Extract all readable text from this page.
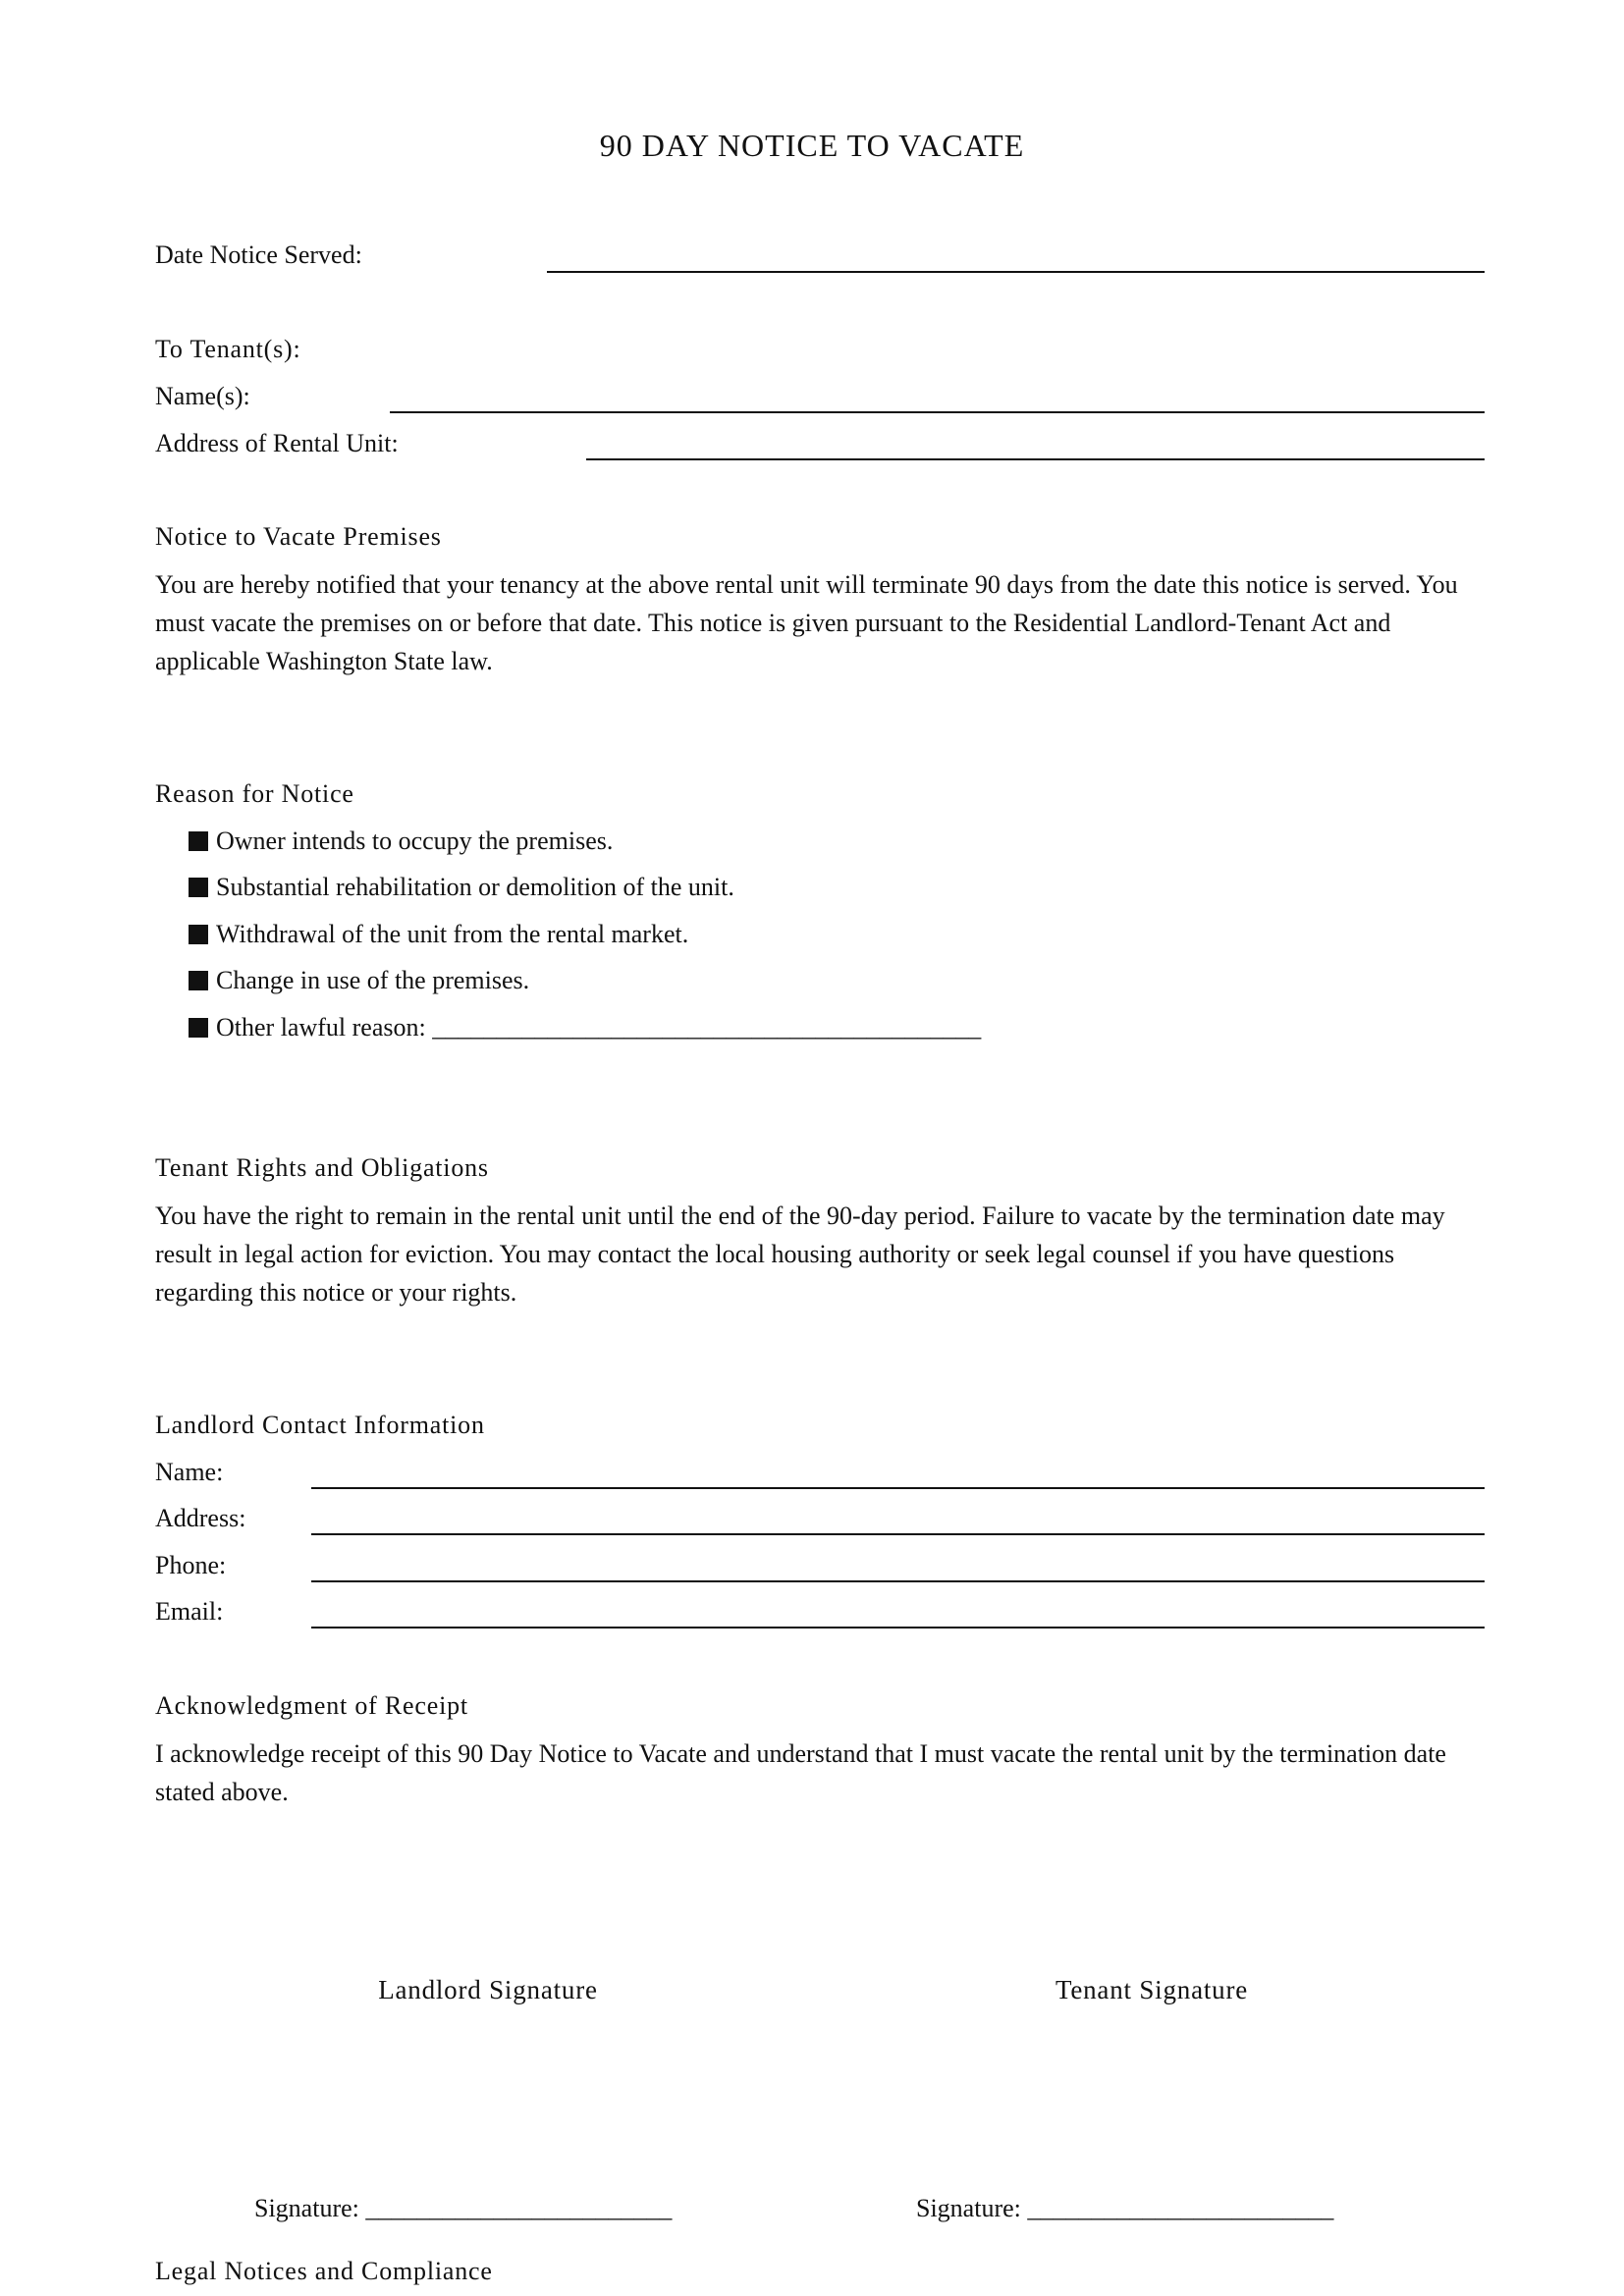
90 DAY NOTICE TO VACATE
Date Notice Served:
To Tenant(s):
Name(s):
Address of Rental Unit:
Notice to Vacate Premises
You are hereby notified that your tenancy at the above rental unit will terminate 90 days from the date this notice is served. You must vacate the premises on or before that date. This notice is given pursuant to the Residential Landlord-Tenant Act and applicable Washington State law.
Reason for Notice
Owner intends to occupy the premises.
Substantial rehabilitation or demolition of the unit.
Withdrawal of the unit from the rental market.
Change in use of the premises.
Other lawful reason: ___________________________________________
Tenant Rights and Obligations
You have the right to remain in the rental unit until the end of the 90-day period. Failure to vacate by the termination date may result in legal action for eviction. You may contact the local housing authority or seek legal counsel if you have questions regarding this notice or your rights.
Landlord Contact Information
Name:
Address:
Phone:
Email:
Acknowledgment of Receipt
I acknowledge receipt of this 90 Day Notice to Vacate and understand that I must vacate the rental unit by the termination date stated above.
Landlord Signature	Tenant Signature
Signature: ________________________	Signature: ________________________
Legal Notices and Compliance
